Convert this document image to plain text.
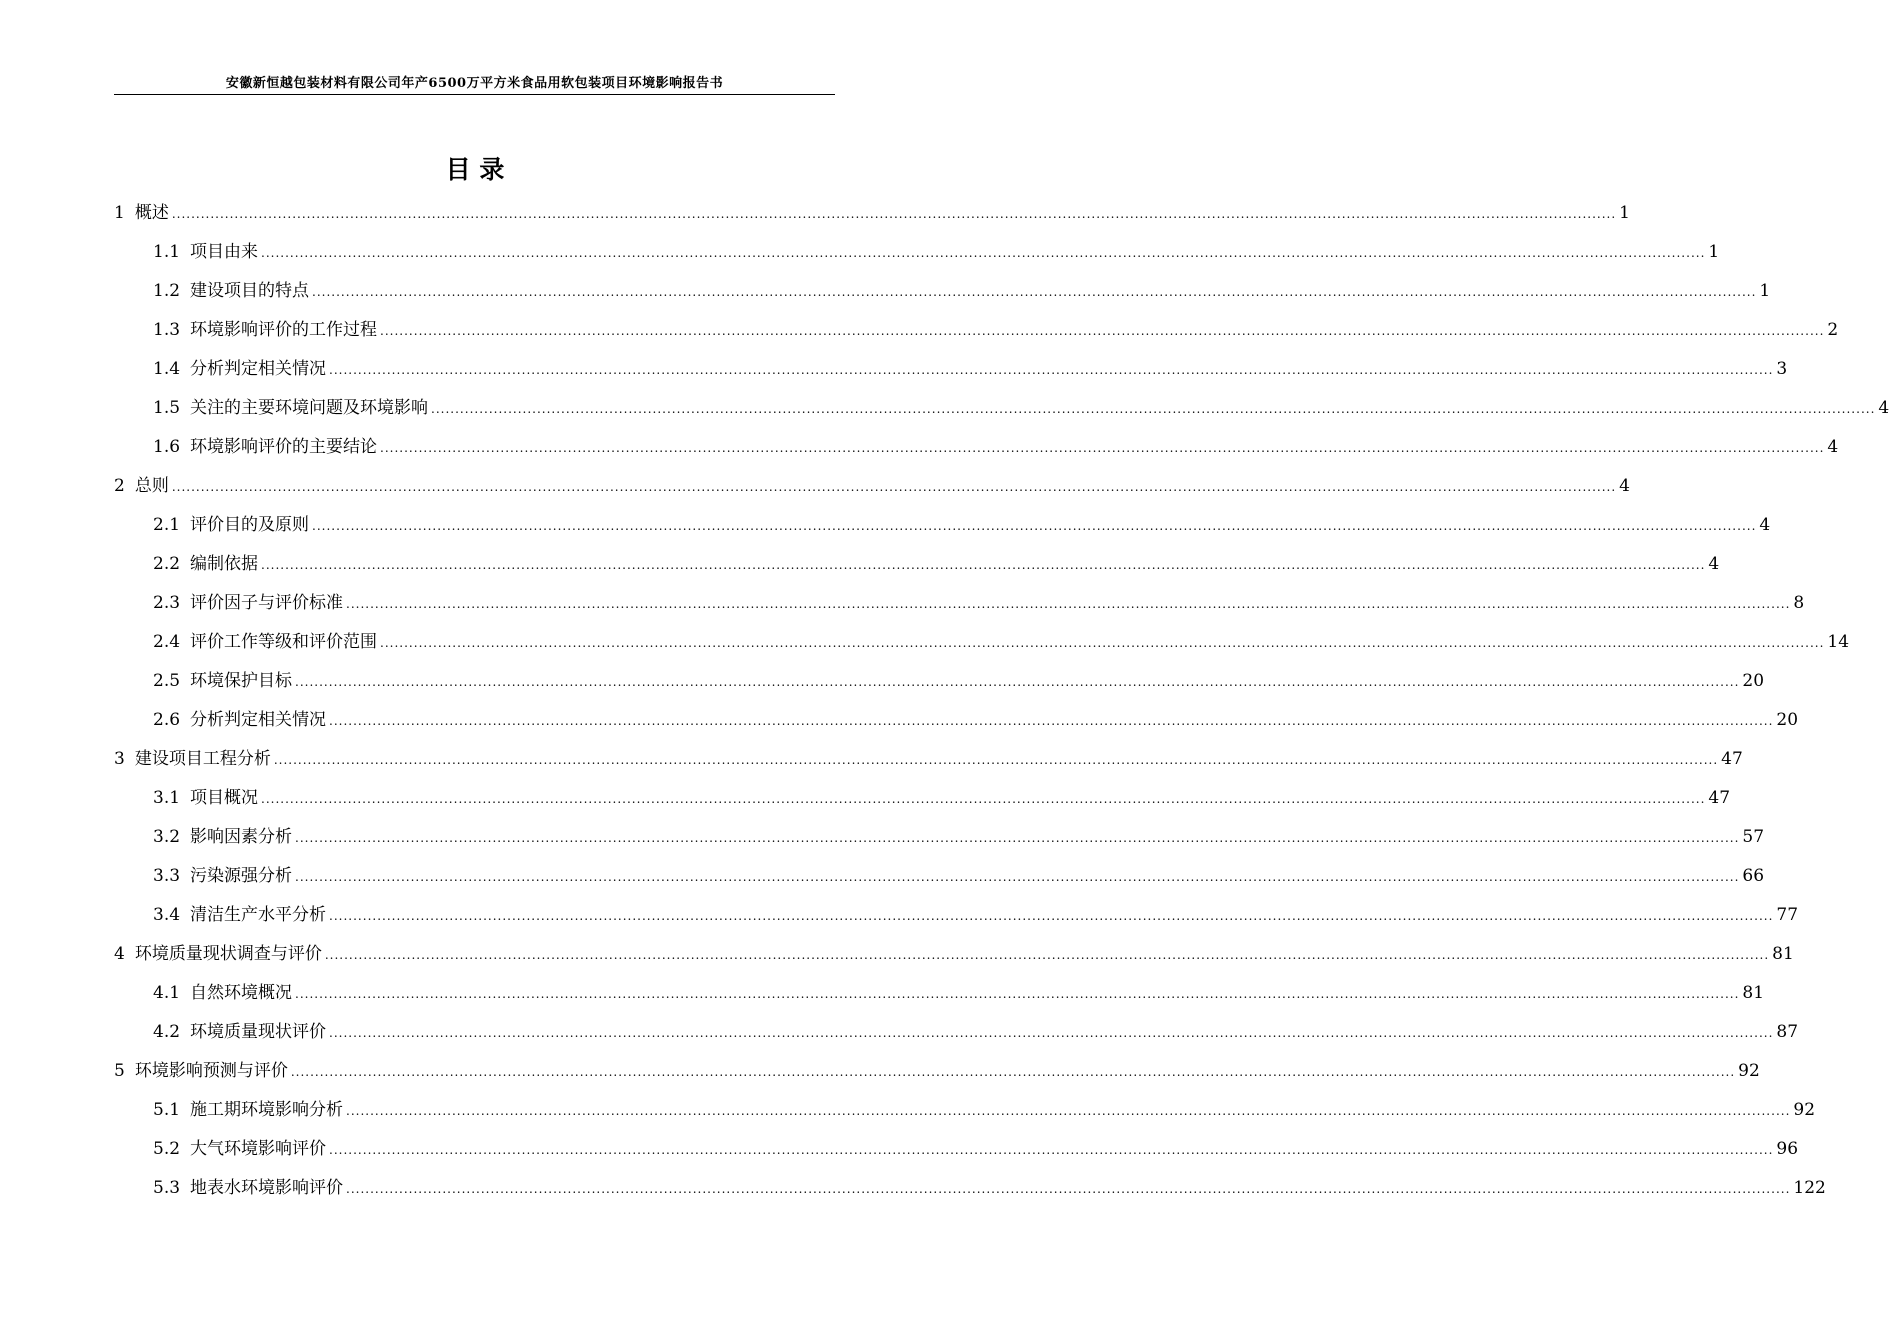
安徽新恒越包装材料有限公司年产6500万平方米食品用软包装项目环境影响报告书
目 录
1 概述 ............................................................................................................................................................................................................................................................................................................ 1
1.1 项目由来 ............................................................................................................................................................................................................................................................................................................ 1
1.2 建设项目的特点 ............................................................................................................................................................................................................................................................................................................ 1
1.3 环境影响评价的工作过程 ............................................................................................................................................................................................................................................................................................................ 2
1.4 分析判定相关情况 ............................................................................................................................................................................................................................................................................................................ 3
1.5 关注的主要环境问题及环境影响 ............................................................................................................................................................................................................................................................................................................ 4
1.6 环境影响评价的主要结论 ............................................................................................................................................................................................................................................................................................................ 4
2 总则 ............................................................................................................................................................................................................................................................................................................ 4
2.1 评价目的及原则 ............................................................................................................................................................................................................................................................................................................ 4
2.2 编制依据 ............................................................................................................................................................................................................................................................................................................ 4
2.3 评价因子与评价标准 ............................................................................................................................................................................................................................................................................................................ 8
2.4 评价工作等级和评价范围 ............................................................................................................................................................................................................................................................................................................ 14
2.5 环境保护目标 ............................................................................................................................................................................................................................................................................................................ 20
2.6 分析判定相关情况 ............................................................................................................................................................................................................................................................................................................ 20
3 建设项目工程分析 ............................................................................................................................................................................................................................................................................................................ 47
3.1 项目概况 ............................................................................................................................................................................................................................................................................................................ 47
3.2 影响因素分析 ............................................................................................................................................................................................................................................................................................................ 57
3.3 污染源强分析 ............................................................................................................................................................................................................................................................................................................ 66
3.4 清洁生产水平分析 ............................................................................................................................................................................................................................................................................................................ 77
4 环境质量现状调查与评价 ............................................................................................................................................................................................................................................................................................................ 81
4.1 自然环境概况 ............................................................................................................................................................................................................................................................................................................ 81
4.2 环境质量现状评价 ............................................................................................................................................................................................................................................................................................................ 87
5 环境影响预测与评价 ............................................................................................................................................................................................................................................................................................................ 92
5.1 施工期环境影响分析 ............................................................................................................................................................................................................................................................................................................ 92
5.2 大气环境影响评价 ............................................................................................................................................................................................................................................................................................................ 96
5.3 地表水环境影响评价 ............................................................................................................................................................................................................................................................................................................ 122
